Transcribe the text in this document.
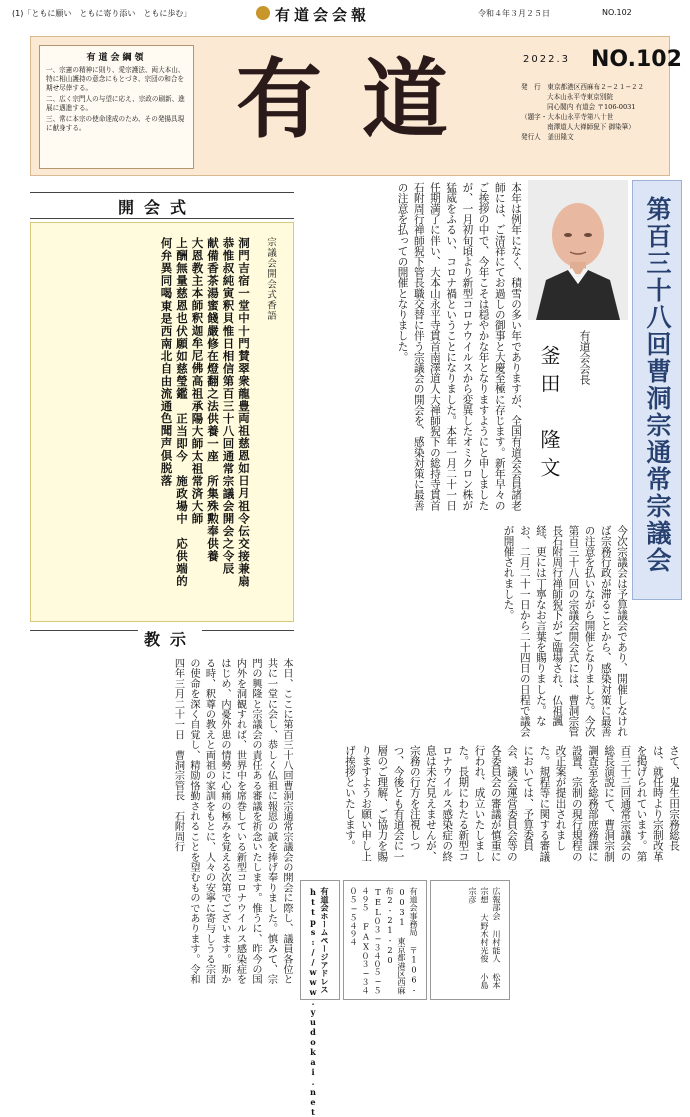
(1)「ともに願い　ともに寄り添い　ともに歩む」	有道会会報	令和４年３月２５日	NO.102
有道会綱領
一、宗憲の精神に則り、愛宗護法、両大本山、特に相山護持の意念にもとづき、宗団の和合を期せ尽倖する。
二、広く宗門人の与望に応え、宗政の刷新、進展に邁進する。
三、常に本宗の使命達成のため、その発揚具現に献身する。	有道	2022.3 NO.102
発　行　東京都港区西麻布２−２１−２２
大本山永平寺東京別院
同心閣内 有道会 〒106-0031
（題字・大本山永平寺第八十世
南澤道人大禅師猊下 御染筆）
発行人　釜田隆文
開会式
宗議会開会式香語
洞門吉宿一堂中十門賛翠衆龍豊両祖慈恩如日月祖令伝交接兼扇恭惟叔純寅釈貝惟日相信第百三十八回通常宗議会開会之令辰献備香茶湯蜜餞嚴修在燈翻之法供養一座　所集殊勲奉供養大恩教主本師釈迦牟尼佛高祖承陽大師太祖常済大師上酬無量慈恩也伏願如慈瑩鑑　正当即今　施政場中　応供端的何弁異同喝東是西南北自由流通色聞声倶脱落
教示
本日、ここに第百三十八回曹洞宗通常宗議会の開会に際し、議員各位と共に一堂に会し、恭しく仏祖に報恩の誠を捧げ奉りました。慎みて、宗門の興隆と宗議会の責任ある審議を祈念いたします。惟うに、昨今の国内外を洞観すれば、世界中を席巻している新型コロナウイルス感染症をはじめ、内憂外患の情勢に心痛の極みを覚える次第でございます。斯かる時、釈尊の教えと両祖の家訓をもとに、人々の安寧に寄与しうる宗団の使命を深く自覚し、精励恪勤されることを望むものであります。令和四年三月二十一日　曹洞宗管長　石附周行
第百三十八回曹洞宗通常宗議会
有道会会長
釜田　隆文
本年は例年になく、積雪の多い年でありますが、全国有道会会員諸老師には、ご清祥にてお過しの御事と大慶至極に存じます。新年早々のご挨拶の中で、今年こそは穏やかな年となりますようにと申しましたが、一月初旬頃より新型コロナウイルスから変異したオミクロン株が猛威をふるい、コロナ禍ということになりました。本年一月二十一日任期満了に伴い、大本山永平寺貫首南澤道人大禅師猊下の総持寺貫首石附周行禅師猊下管長職交替に伴う宗議会の開会を、感染対策に最善の注意を払っての開催となりました。
今次宗議会は予算議会であり、開催しなければ宗務行政が滞ることから、感染対策に最善の注意を払いながら開催となりました。今次第百三十八回の宗議会開会式には、曹洞宗管長石附周行禅師猊下がご臨場され、仏祖諷経、更には丁寧なお言葉を賜りました。なお、二月二十一日から二十四日の日程で議会が開催されました。
さて、鬼生田宗務総長は、就任時より宗制改革を掲げられています。第百三十三回通常宗議会の総長演説にて、曹洞宗制調査室を総務部庶務課に設置、宗制の現行規程の改正案が提出されました。規程等に関する審議においては、予算委員会、議会運営委員会等の各委員会の審議が慎重に行われ、成立いたしました。長期にわたる新型コロナウイルス感染症の終息は未だ見えませんが、宗務の行方を注視しつつ、今後とも有道会に一層のご理解、ご協力を賜りますようお願い申し上げ挨拶といたします。
有道会ホームページアドレス https://www.yudokai.net	有道会事務局 〒106-0031 東京都港区西麻布2-21-20 TEL０３−３４０５−５４９５ FAX０３−３４０５−５４９４	広報部会 川村能人 松本宗想 大野木村光俊 小島宗彦
